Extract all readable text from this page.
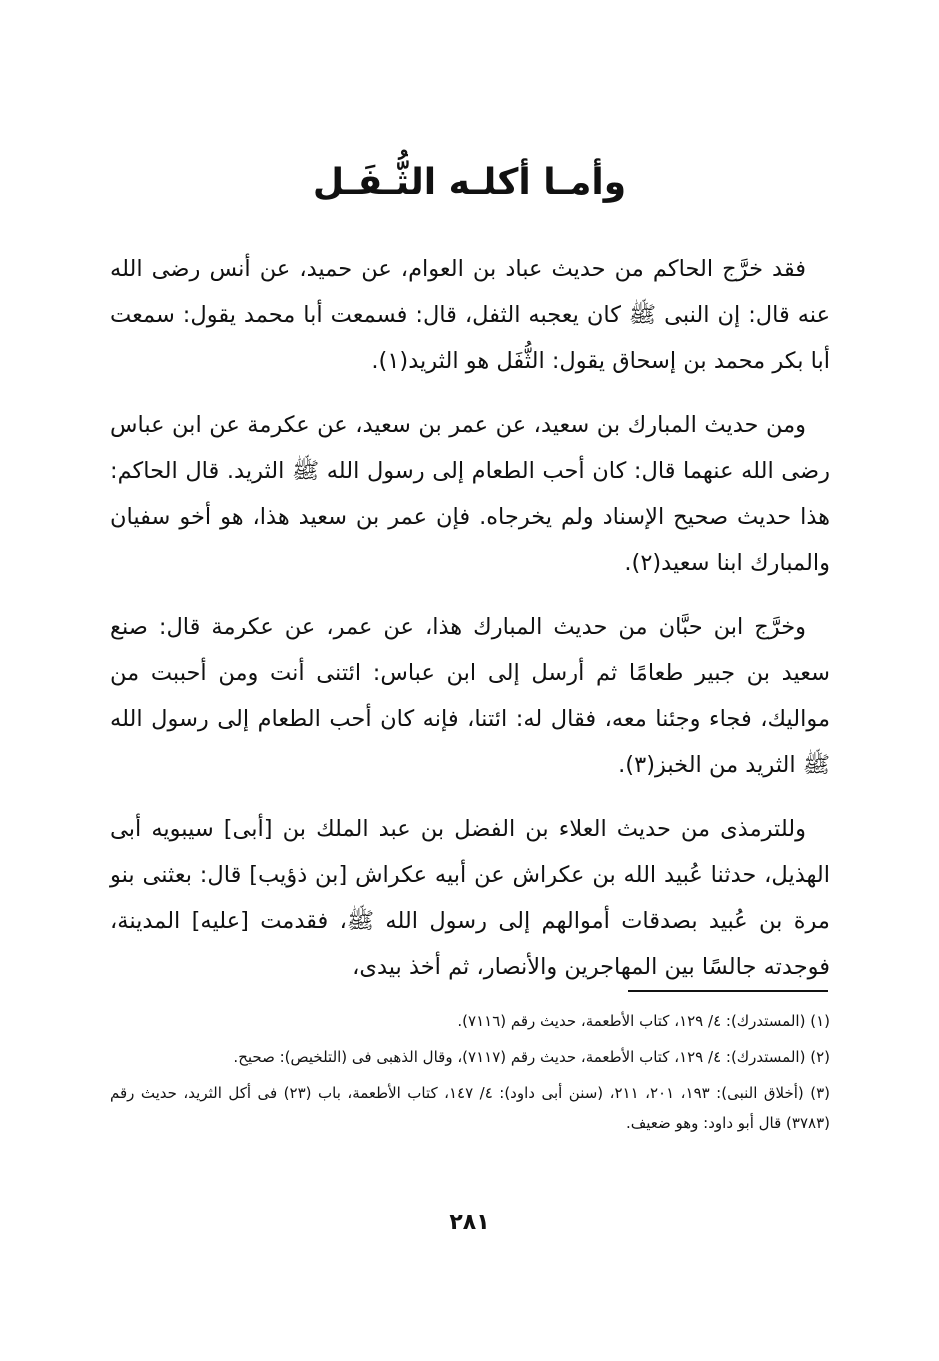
وأمـا أكلـه الثُّـفَـل

فقد خرَّج الحاكم من حديث عباد بن العوام، عن حميد، عن أنس رضى الله عنه قال: إن النبى ﷺ كان يعجبه الثفل، قال: فسمعت أبا محمد يقول: سمعت أبا بكر محمد بن إسحاق يقول: الثُّفَل هو الثريد(١).

ومن حديث المبارك بن سعيد، عن عمر بن سعيد، عن عكرمة عن ابن عباس رضى الله عنهما قال: كان أحب الطعام إلى رسول الله ﷺ الثريد. قال الحاكم: هذا حديث صحيح الإسناد ولم يخرجاه. فإن عمر بن سعيد هذا، هو أخو سفيان والمبارك ابنا سعيد(٢).

وخرَّج ابن حبَّان من حديث المبارك هذا، عن عمر، عن عكرمة قال: صنع سعيد بن جبير طعامًا ثم أرسل إلى ابن عباس: ائتنى أنت ومن أحببت من مواليك، فجاء وجئنا معه، فقال له: ائتنا، فإنه كان أحب الطعام إلى رسول الله ﷺ الثريد من الخبز(٣).

وللترمذى من حديث العلاء بن الفضل بن عبد الملك بن [أبى] سيبويه أبى الهذيل، حدثنا عُبيد الله بن عكراش عن أبيه عكراش [بن ذؤيب] قال: بعثنى بنو مرة بن عُبيد بصدقات أموالهم إلى رسول الله ﷺ، فقدمت [عليه] المدينة، فوجدته جالسًا بين المهاجرين والأنصار، ثم أخذ بيدى،

(١) (المستدرك): ٤/ ١٢٩، كتاب الأطعمة، حديث رقم (٧١١٦).
(٢) (المستدرك): ٤/ ١٢٩، كتاب الأطعمة، حديث رقم (٧١١٧)، وقال الذهبى فى (التلخيص): صحيح.
(٣) (أخلاق النبى): ١٩٣، ٢٠١، ٢١١، (سنن أبى داود): ٤/ ١٤٧، كتاب الأطعمة، باب (٢٣) فى أكل الثريد، حديث رقم (٣٧٨٣) قال أبو داود: وهو ضعيف.
٢٨١
